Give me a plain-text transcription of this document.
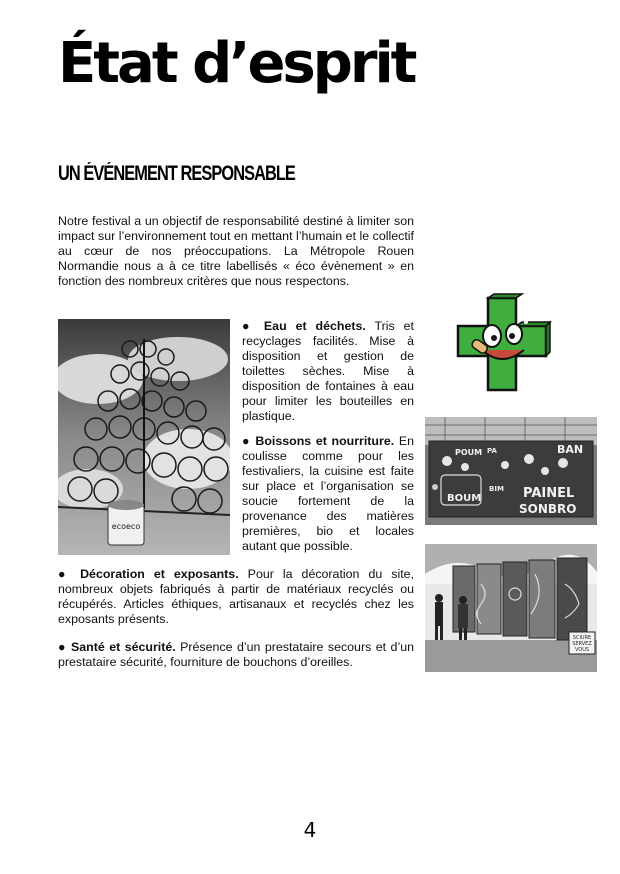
État d’esprit
UN ÉVÉNEMENT RESPONSABLE
Notre festival a un objectif de responsabilité destiné à limiter son impact sur l’environnement tout en mettant l’humain et le collectif au cœur de nos préoccupations. La Métropole Rouen Normandie nous a à ce titre labellisés « éco évènement » en fonction des nombreux critères que nous respectons.
ecoeco
● Eau et déchets. Tris et recyclages facilités. Mise à disposition et gestion de toilettes sèches. Mise à disposition de fontaines à eau pour limiter les bouteilles en plastique.
● Boissons et nourriture. En coulisse comme pour les festivaliers, la cuisine est faite sur place et l’organisation se soucie fortement de la provenance des matières premières, bio et locales autant que possible.
● Décoration et exposants. Pour la décoration du site, nombreux objets fabriqués à partir de matériaux recyclés ou récupérés. Articles éthiques, artisanaux et recyclés chez les exposants présents.
● Santé et sécurité. Présence d’un prestataire secours et d’un prestataire sécurité, fourniture de bouchons d’oreilles.
POUM PA	BAN
BOUM
BIM PAINEL
SONBRO
SCIURE
SERVEZ
VOUS
4
